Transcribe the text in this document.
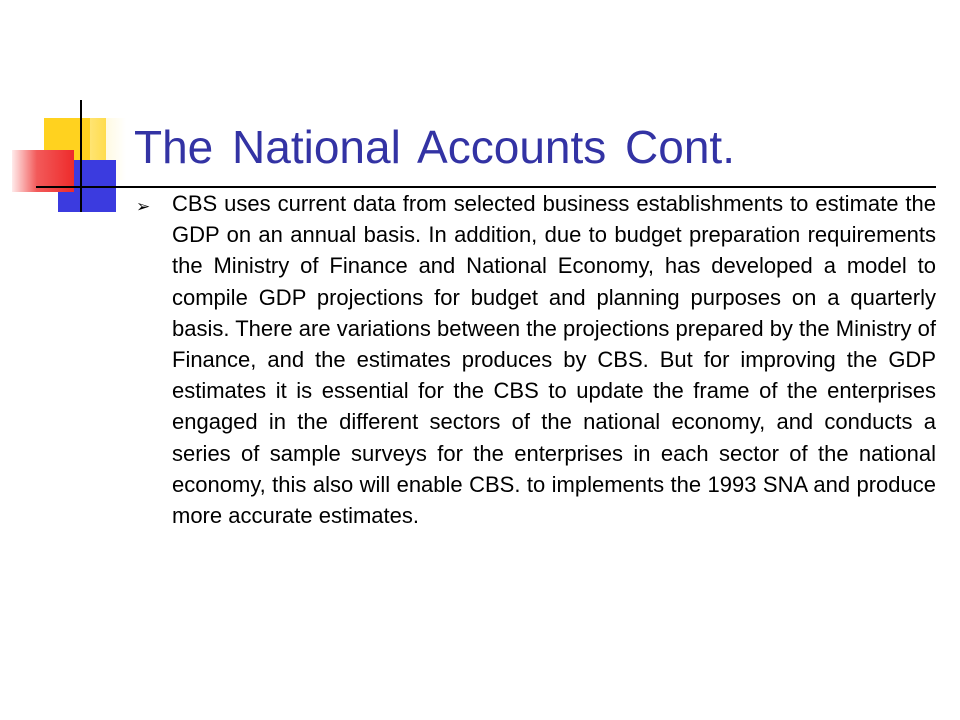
The National Accounts Cont.
➢ CBS uses current data from selected business establishments to estimate the GDP on an annual basis. In addition, due to budget preparation requirements the Ministry of Finance and National Economy, has developed a model to compile GDP projections for budget and planning purposes on a quarterly basis. There are variations between the projections prepared by the Ministry of Finance, and the estimates produces by CBS. But for improving the GDP estimates it is essential for the CBS to update the frame of the enterprises engaged in the different sectors of the national economy, and conducts a series of sample surveys for the enterprises in each sector of the national economy, this also will enable CBS. to implements the 1993 SNA and produce more accurate estimates.
